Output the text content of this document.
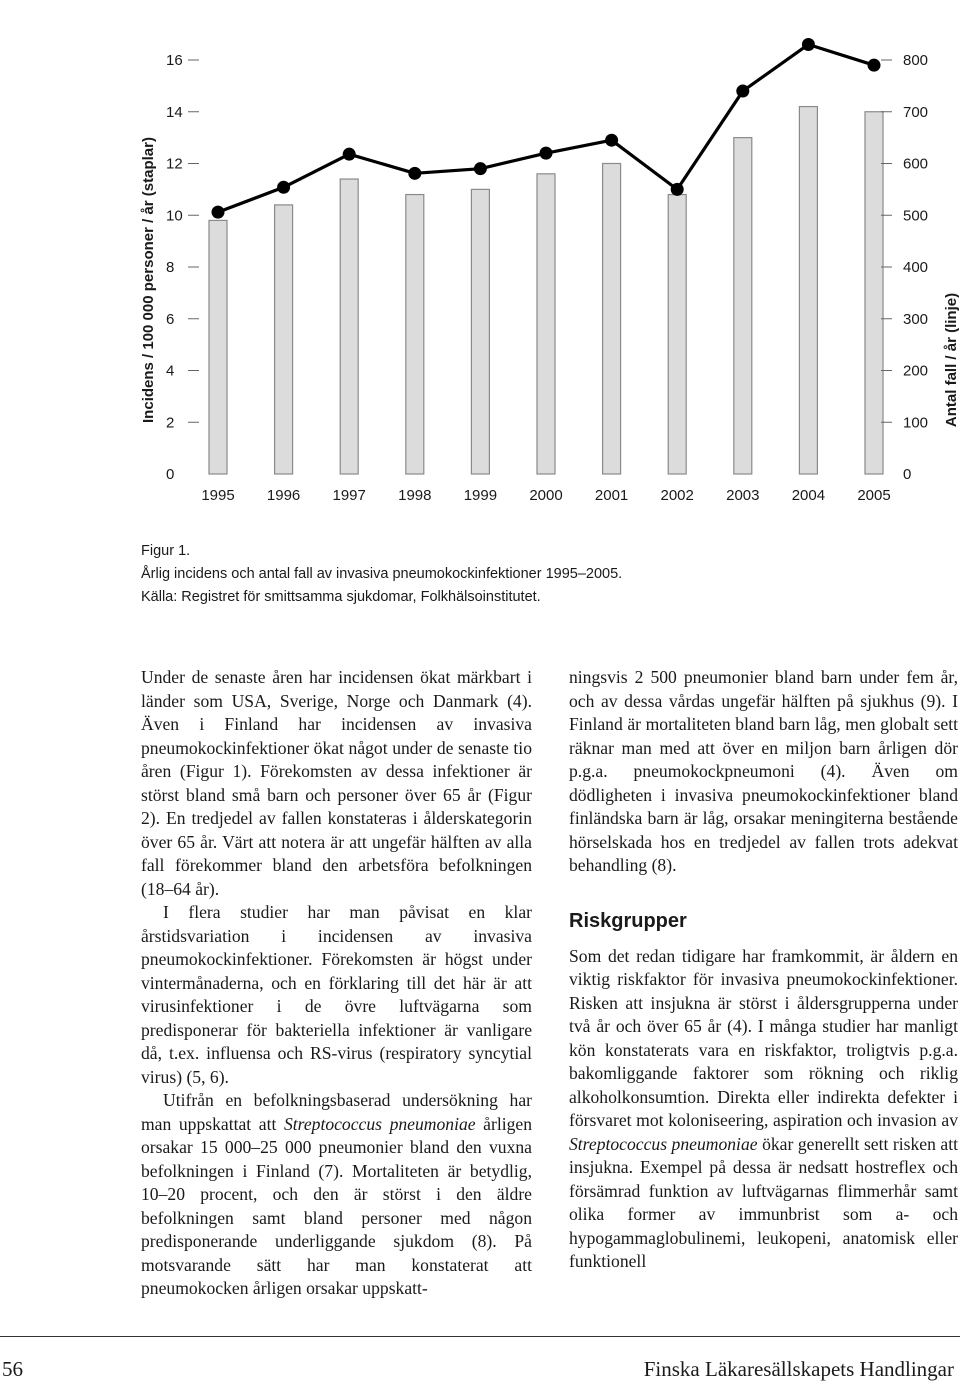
0
2
4
6
8
10
12
14
16
0
100
200
300
400
500
600
700
800
1995 1996 1997 1998 1999 2000 2001 2002 2003 2004 2005
Incidens / 100 000 personer / år (staplar)	Antal fall / år (linje)
Figur 1.
Årlig incidens och antal fall av invasiva pneumokockinfektioner 1995–2005.
Källa: Registret för smittsamma sjukdomar, Folkhälsoinstitutet.

Under de senaste åren har incidensen ökat märkbart i länder som USA, Sverige, Norge och Danmark (4). Även i Finland har incidensen av invasiva pneumokockinfektioner ökat något under de senaste tio åren (Figur 1). Förekomsten av dessa infektioner är störst bland små barn och personer över 65 år (Figur 2). En tredjedel av fallen konstateras i ålderskategorin över 65 år. Värt att notera är att ungefär hälften av alla fall förekommer bland den arbetsföra befolkningen (18–64 år).

I flera studier har man påvisat en klar årstidsvariation i incidensen av invasiva pneumokockinfektioner. Förekomsten är högst under vintermånaderna, och en förklaring till det här är att virusinfektioner i de övre luftvägarna som predisponerar för bakteriella infektioner är vanligare då, t.ex. influensa och RS-virus (respiratory syncytial virus) (5, 6).

Utifrån en befolkningsbaserad undersökning har man uppskattat att Streptococcus pneumoniae årligen orsakar 15 000–25 000 pneumonier bland den vuxna befolkningen i Finland (7). Mortaliteten är betydlig, 10–20 procent, och den är störst i den äldre befolkningen samt bland personer med någon predisponerande underliggande sjukdom (8). På motsvarande sätt har man konstaterat att pneumokocken årligen orsakar uppskatt-

ningsvis 2 500 pneumonier bland barn under fem år, och av dessa vårdas ungefär hälften på sjukhus (9). I Finland är mortaliteten bland barn låg, men globalt sett räknar man med att över en miljon barn årligen dör p.g.a. pneumokockpneumoni (4). Även om dödligheten i invasiva pneumokockinfektioner bland finländska barn är låg, orsakar meningiterna bestående hörselskada hos en tredjedel av fallen trots adekvat behandling (8).

Riskgrupper

Som det redan tidigare har framkommit, är åldern en viktig riskfaktor för invasiva pneumokockinfektioner. Risken att insjukna är störst i åldersgrupperna under två år och över 65 år (4). I många studier har manligt kön konstaterats vara en riskfaktor, troligtvis p.g.a. bakomliggande faktorer som rökning och riklig alkoholkonsumtion. Direkta eller indirekta defekter i försvaret mot koloniseering, aspiration och invasion av Streptococcus pneumoniae ökar generellt sett risken att insjukna. Exempel på dessa är nedsatt hostreflex och försämrad funktion av luftvägarnas flimmerhår samt olika former av immunbrist som a- och hypogammaglobulinemi, leukopeni, anatomisk eller funktionell

56	Finska Läkaresällskapets Handlingar
